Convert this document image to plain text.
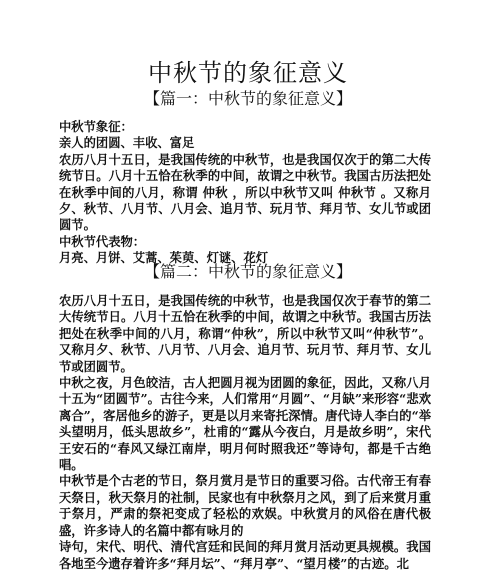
中秋节的象征意义
【篇一：中秋节的象征意义】

中秋节象征：

亲人的团圆、丰收、富足

农历八月十五日，是我国传统的中秋节，也是我国仅次于的第二大传统节日。八月十五恰在秋季的中间，故谓之中秋节。我国古历法把处在秋季中间的八月，称谓 仲秋 ，所以中秋节又叫 仲秋节 。又称月夕、秋节、八月节、八月会、追月节、玩月节、拜月节、女儿节或团圆节。

中秋节代表物：

月亮、月饼、艾蒿、茱萸、灯谜、花灯

【篇二：中秋节的象征意义】

农历八月十五日，是我国传统的中秋节，也是我国仅次于春节的第二大传统节日。八月十五恰在秋季的中间，故谓之中秋节。我国古历法把处在秋季中间的八月，称谓“仲秋”，所以中秋节又叫“仲秋节”。又称月夕、秋节、八月节、八月会、追月节、玩月节、拜月节、女儿节或团圆节。

中秋之夜，月色皎洁，古人把圆月视为团圆的象征，因此，又称八月十五为“团圆节”。古往今来，人们常用“月圆”、“月缺”来形容“悲欢离合”，客居他乡的游子，更是以月来寄托深情。唐代诗人李白的“举头望明月，低头思故乡”，杜甫的“露从今夜白，月是故乡明”，宋代王安石的“春风又绿江南岸，明月何时照我还”等诗句，都是千古绝唱。

中秋节是个古老的节日，祭月赏月是节日的重要习俗。古代帝王有春天祭日，秋天祭月的社制，民家也有中秋祭月之风，到了后来赏月重于祭月，严肃的祭祀变成了轻松的欢娱。中秋赏月的风俗在唐代极盛，许多诗人的名篇中都有咏月的

诗句，宋代、明代、清代宫廷和民间的拜月赏月活动更具规模。我国各地至今遗存着许多“拜月坛”、“拜月亭”、“望月楼”的古迹。北
